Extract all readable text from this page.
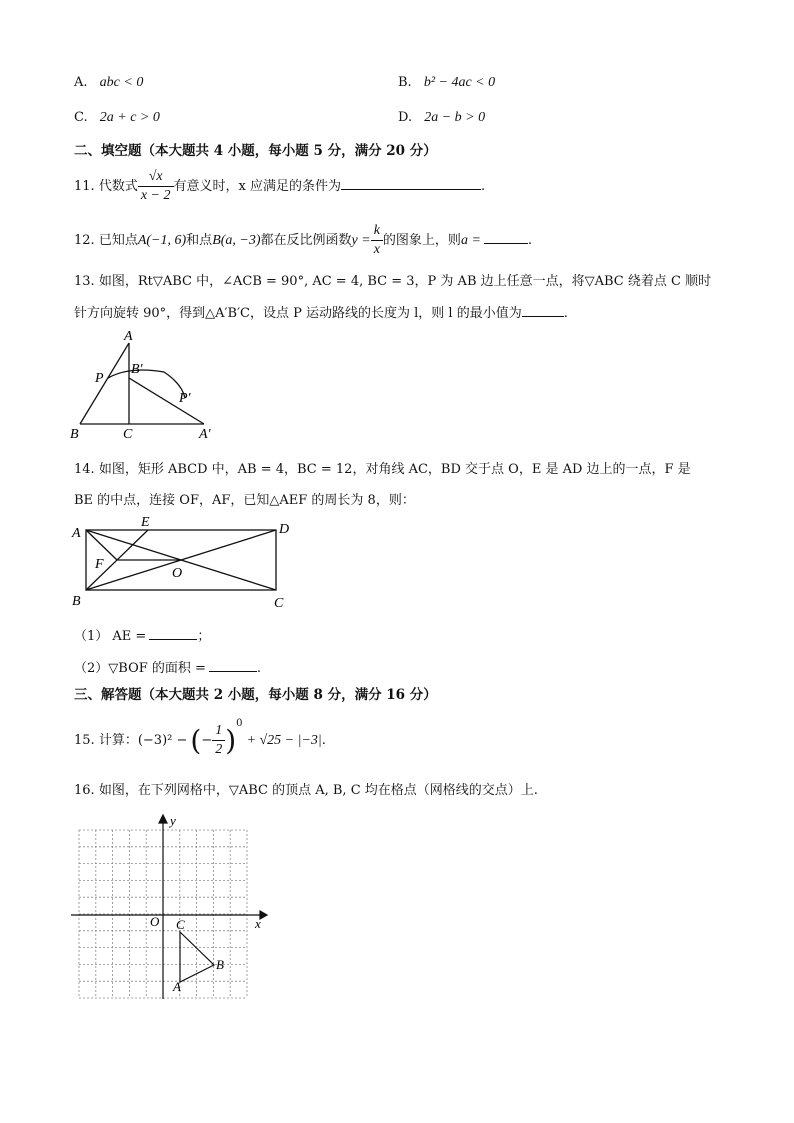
A. abc < 0	B. b² − 4ac < 0
C. 2a + c > 0	D. 2a − b > 0
二、填空题（本大题共 4 小题，每小题 5 分，满分 20 分）
11. 代数式 $\frac{√x}{x - 2}$ 有意义时，x 应满足的条件为	.
12. 已知点A(−1, 6)和点B(a, −3)都在反比例函数$y = \frac{k}{x}$ 的图象上，则a =	.
13. 如图，Rt▽ABC 中，∠ACB = 90°, AC = 4, BC = 3，P 为 AB 边上任意一点，将▽ABC 绕着点 C 顺时
针方向旋转 90°，得到△A′B′C，设点 P 运动路线的长度为 l，则 l 的最小值为	.
A
B	C
P
B′
P′
A′
14. 如图，矩形 ABCD 中，AB = 4，BC = 12，对角线 AC，BD 交于点 O，E 是 AD 边上的一点，F 是
BE 的中点，连接 OF，AF，已知△AEF 的周长为 8，则：
A
E	D
F
O
B	C
（1） AE =	；
（2）▽BOF 的面积 =	.
三、解答题（本大题共 2 小题，每小题 8 分，满分 16 分）
15. 计算：(−3)² − (− $\frac{1}{2} )^0+ √25 - |-3|$.
16. 如图，在下列网格中，▽ABC 的顶点 A, B, C 均在格点（网格线的交点）上.
x
y
O C
B
A
